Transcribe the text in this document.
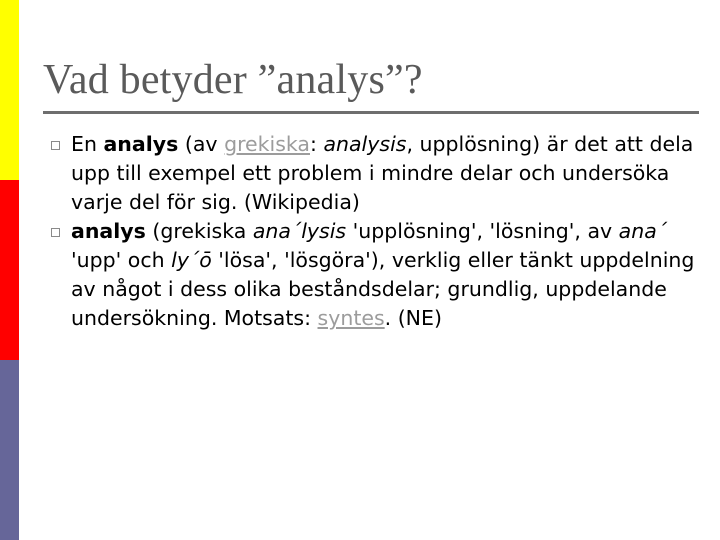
Vad betyder ”analys”?
En analys (av grekiska: analysis, upplösning) är det att dela upp till exempel ett problem i mindre delar och undersöka varje del för sig. (Wikipedia)
analys (grekiska ana´lysis 'upplösning', 'lösning', av ana´ 'upp' och ly´ō 'lösa', 'lösgöra'), verklig eller tänkt uppdelning av något i dess olika beståndsdelar; grundlig, uppdelande undersökning. Motsats: syntes. (NE)
